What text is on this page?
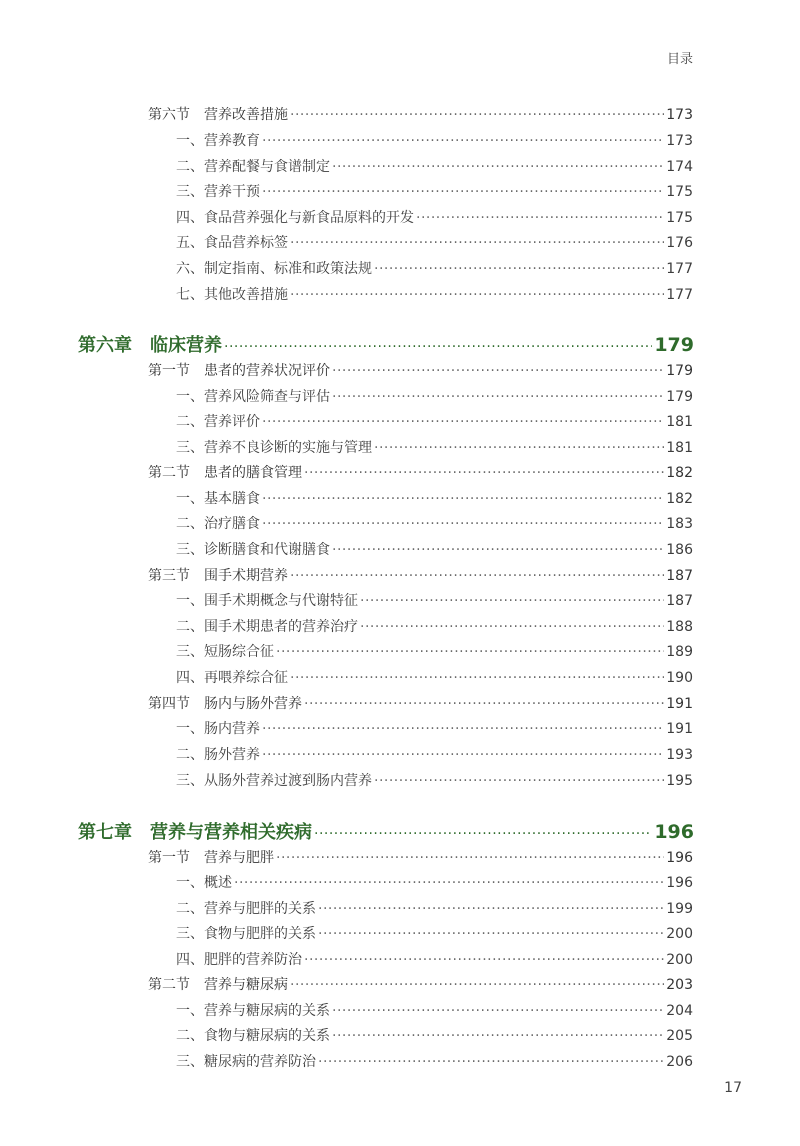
目录
第六节 营养改善措施 ·····	173
一、营养教育 ·····	173
二、营养配餐与食谱制定 ·····	174
三、营养干预 ·····	175
四、食品营养强化与新食品原料的开发 ·····	175
五、食品营养标签 ·····	176
六、制定指南、标准和政策法规 ·····	177
七、其他改善措施 ·····	177
第六章 临床营养 ·····	179
第一节 患者的营养状况评价 ·····	179
一、营养风险筛查与评估 ·····	179
二、营养评价 ·····	181
三、营养不良诊断的实施与管理 ·····	181
第二节 患者的膳食管理 ·····	182
一、基本膳食 ·····	182
二、治疗膳食 ·····	183
三、诊断膳食和代谢膳食 ·····	186
第三节 围手术期营养 ·····	187
一、围手术期概念与代谢特征 ·····	187
二、围手术期患者的营养治疗 ·····	188
三、短肠综合征 ·····	189
四、再喂养综合征 ·····	190
第四节 肠内与肠外营养 ·····	191
一、肠内营养 ·····	191
二、肠外营养 ·····	193
三、从肠外营养过渡到肠内营养 ·····	195
第七章 营养与营养相关疾病 ·····	196
第一节 营养与肥胖 ·····	196
一、概述 ·····	196
二、营养与肥胖的关系 ·····	199
三、食物与肥胖的关系 ·····	200
四、肥胖的营养防治 ·····	200
第二节 营养与糖尿病 ·····	203
一、营养与糖尿病的关系 ·····	204
二、食物与糖尿病的关系 ·····	205
三、糖尿病的营养防治 ·····	206
17
